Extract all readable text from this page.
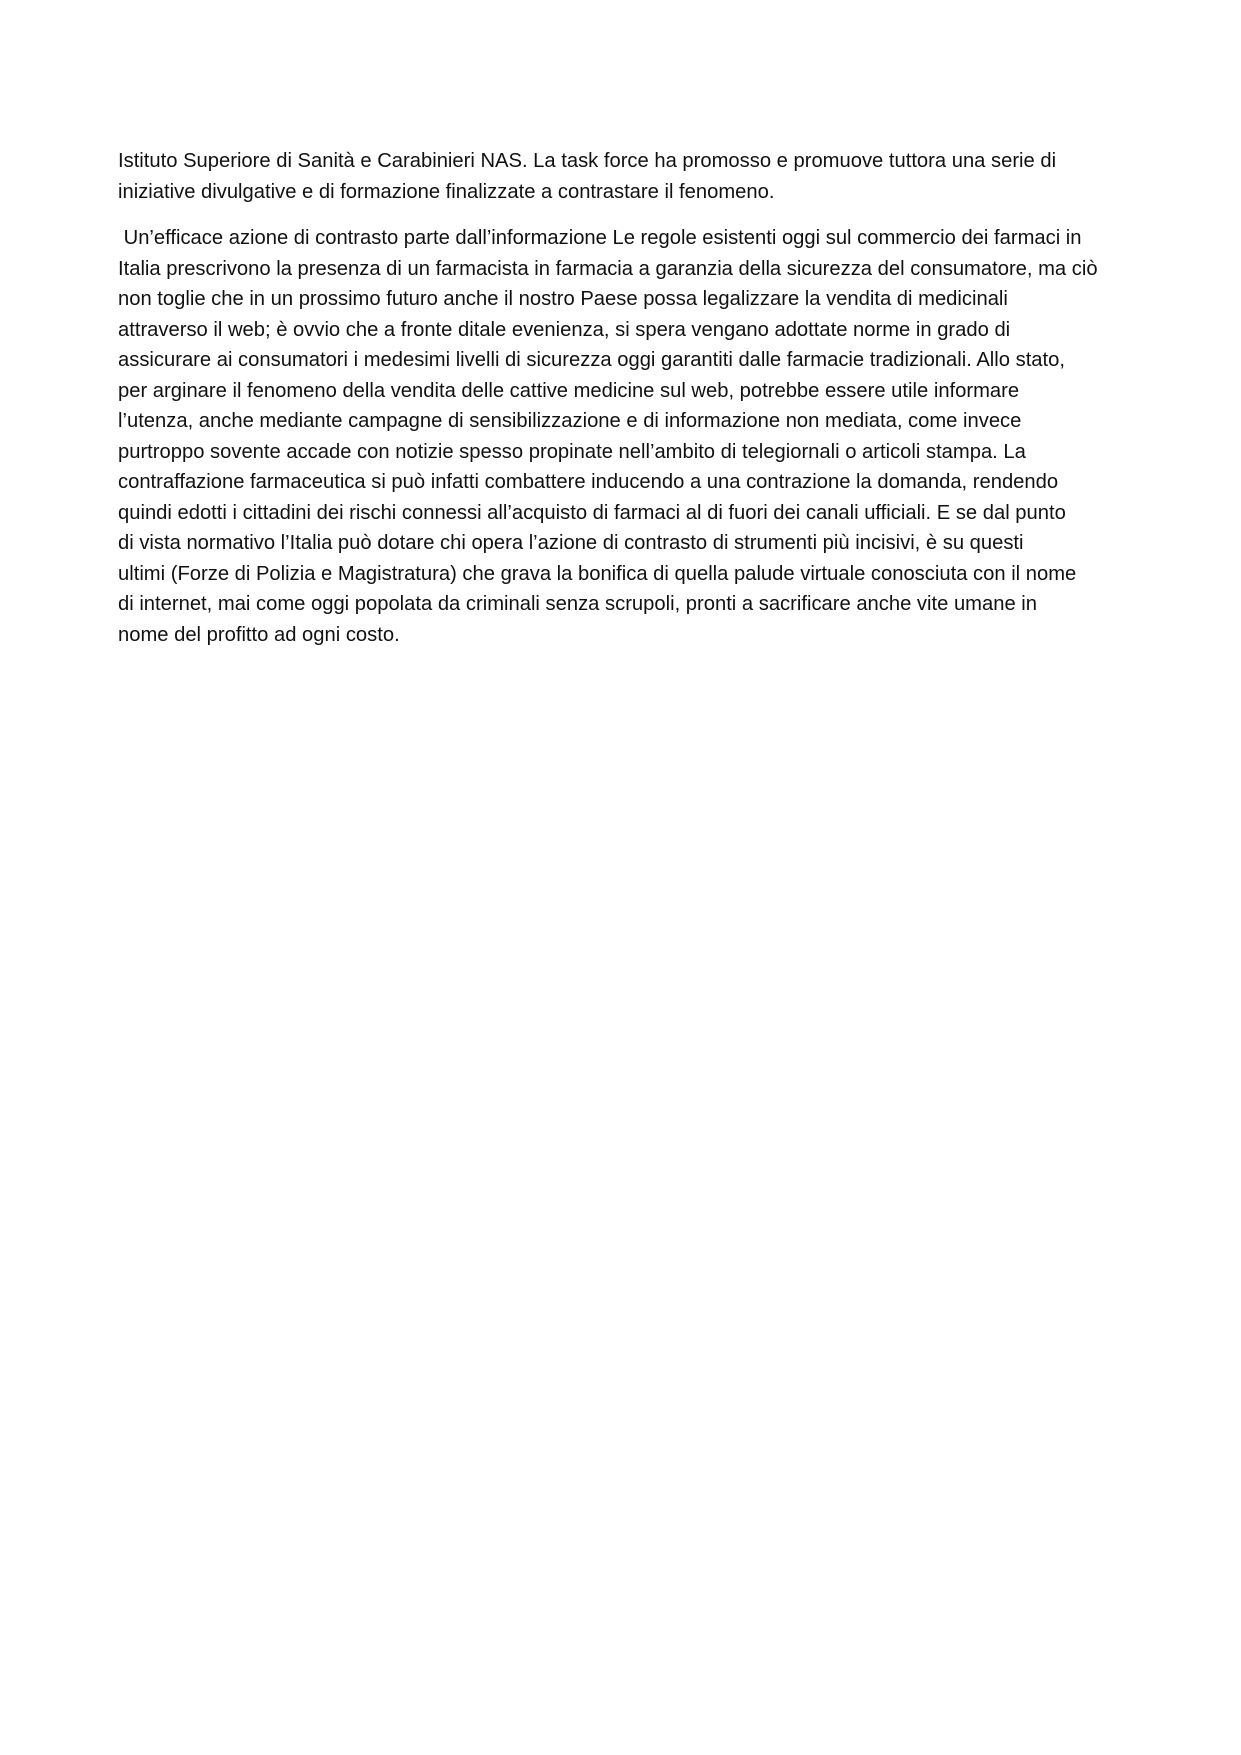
Istituto Superiore di Sanità e Carabinieri NAS. La task force ha promosso e promuove tuttora una serie di
iniziative divulgative e di formazione finalizzate a contrastare il fenomeno.

Un’efficace azione di contrasto parte dall’informazione Le regole esistenti oggi sul commercio dei farmaci in
Italia prescrivono la presenza di un farmacista in farmacia a garanzia della sicurezza del consumatore, ma ciò
non toglie che in un prossimo futuro anche il nostro Paese possa legalizzare la vendita di medicinali
attraverso il web; è ovvio che a fronte ditale evenienza, si spera vengano adottate norme in grado di
assicurare ai consumatori i medesimi livelli di sicurezza oggi garantiti dalle farmacie tradizionali. Allo stato,
per arginare il fenomeno della vendita delle cattive medicine sul web, potrebbe essere utile informare
l’utenza, anche mediante campagne di sensibilizzazione e di informazione non mediata, come invece
purtroppo sovente accade con notizie spesso propinate nell’ambito di telegiornali o articoli stampa. La
contraffazione farmaceutica si può infatti combattere inducendo a una contrazione la domanda, rendendo
quindi edotti i cittadini dei rischi connessi all’acquisto di farmaci al di fuori dei canali ufficiali. E se dal punto
di vista normativo l’Italia può dotare chi opera l’azione di contrasto di strumenti più incisivi, è su questi
ultimi (Forze di Polizia e Magistratura) che grava la bonifica di quella palude virtuale conosciuta con il nome
di internet, mai come oggi popolata da criminali senza scrupoli, pronti a sacrificare anche vite umane in
nome del profitto ad ogni costo.
